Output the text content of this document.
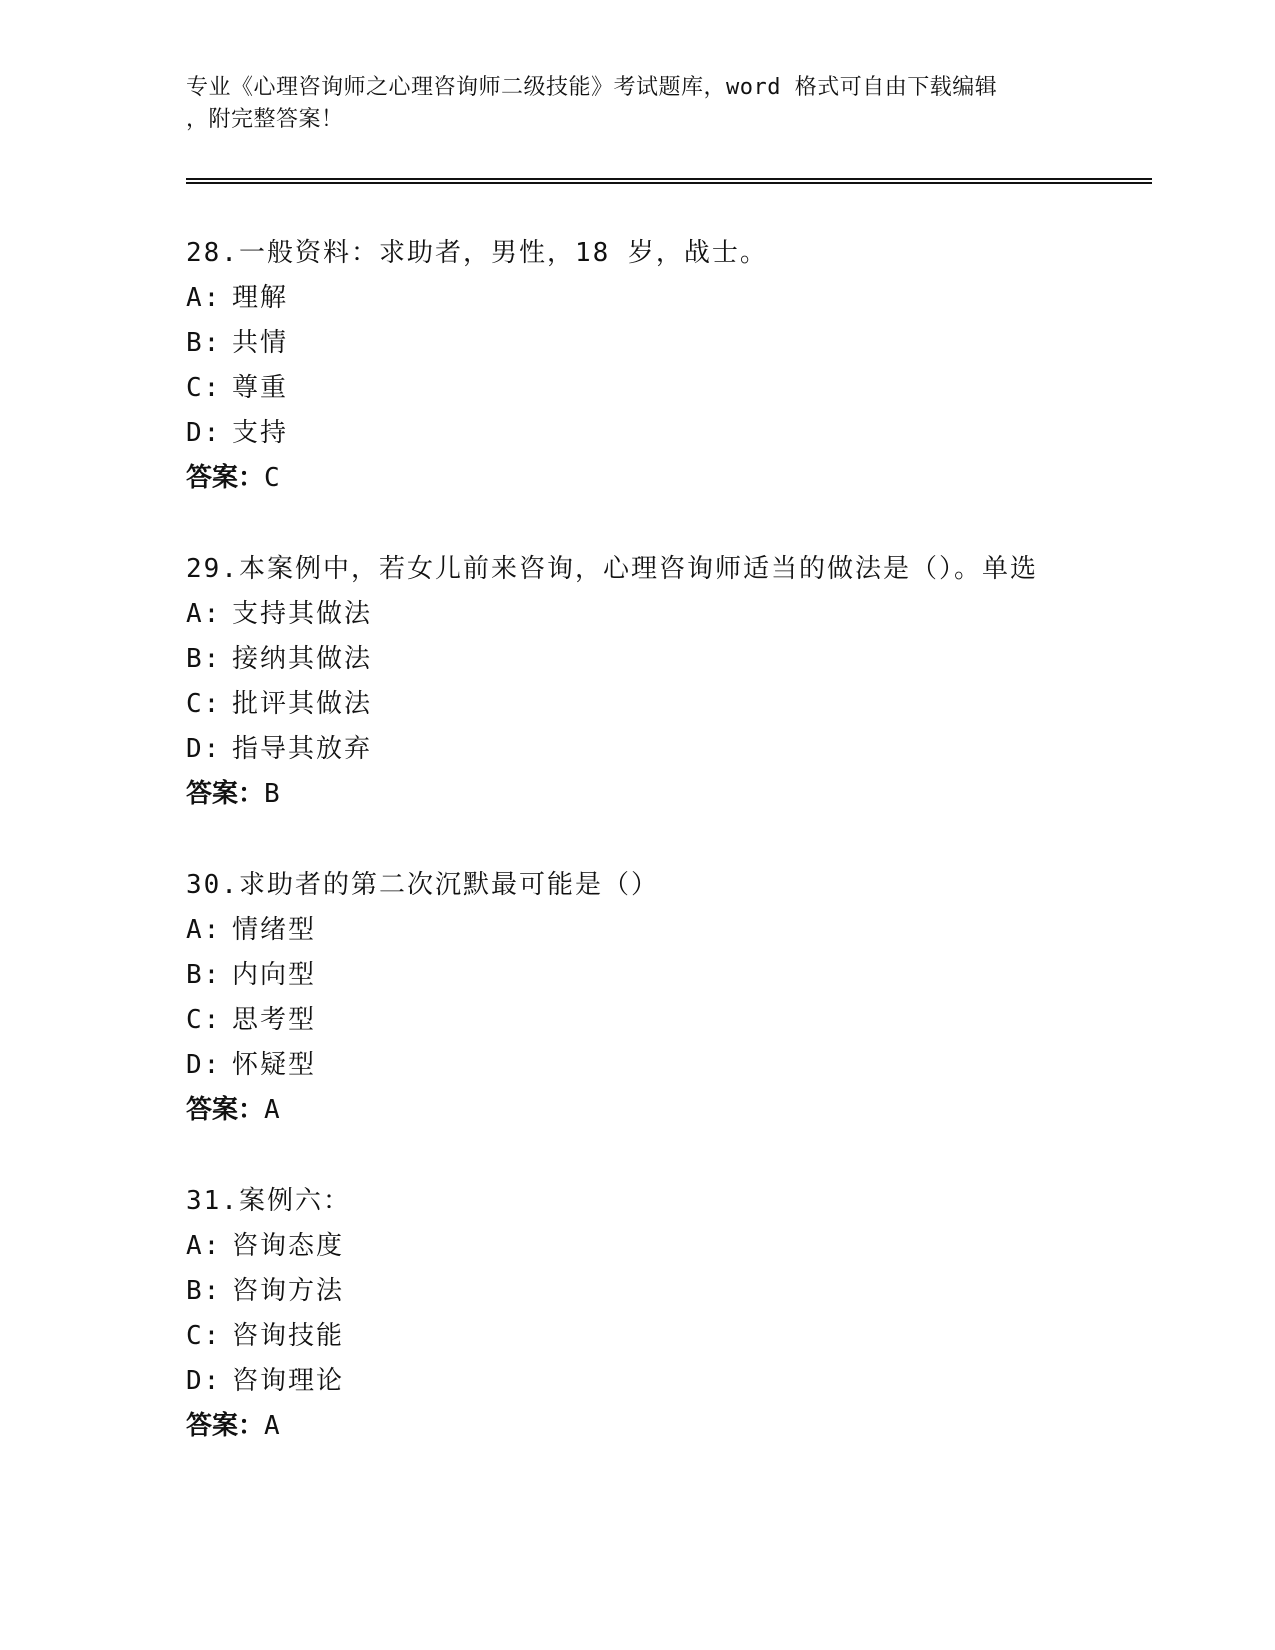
专业《心理咨询师之心理咨询师二级技能》考试题库，word 格式可自由下载编辑
，附完整答案！
28.一般资料：求助者，男性，18 岁，战士。
A: 理解
B: 共情
C: 尊重
D: 支持
答案：C
29.本案例中，若女儿前来咨询，心理咨询师适当的做法是（）。单选
A: 支持其做法
B: 接纳其做法
C: 批评其做法
D: 指导其放弃
答案：B
30.求助者的第二次沉默最可能是（）
A: 情绪型
B: 内向型
C: 思考型
D: 怀疑型
答案：A
31.案例六：
A: 咨询态度
B: 咨询方法
C: 咨询技能
D: 咨询理论
答案：A
